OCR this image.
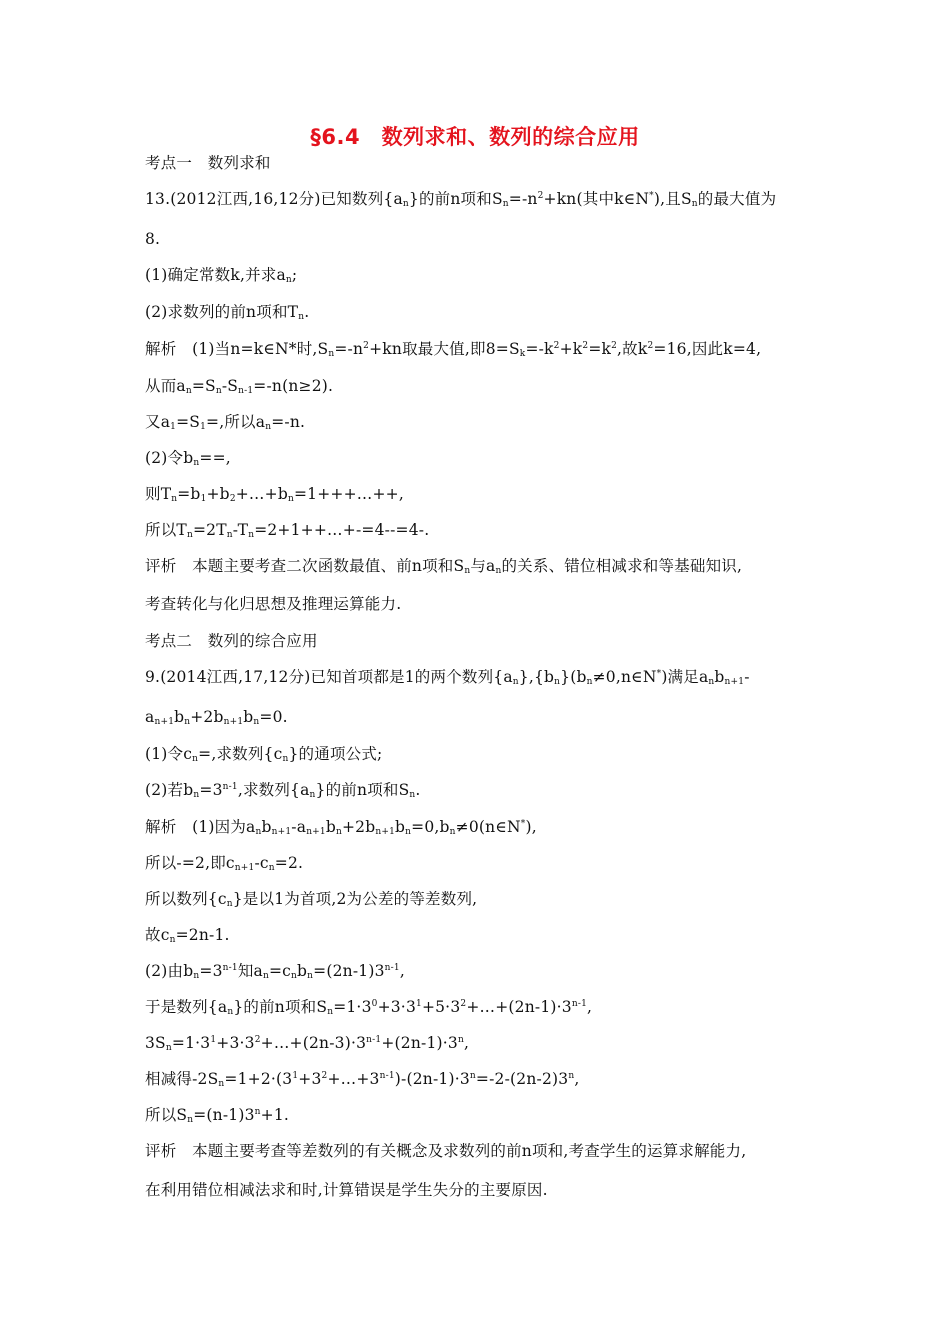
§6.4　数列求和、数列的综合应用
考点一　数列求和
13.(2012江西,16,12分)已知数列$\{a_n\}$的前n项和$S_n=-n^2+kn$(其中k∈N*),且$S_n$的最大值为
8.
(1)确定常数k,并求$a_n$;
(2)求数列的前n项和$T_n$.
解析　(1)当n=k∈N*时$,S_n=-n^2+kn$取最大值,即$8=S_k=-k^2+k^2=k^2$,故$k^2=16$,因此k=4,
从而$a_n=S_n-S_{n-1}=-n(n\ge 2)$.
又$a_1=S_1=$,所以$a_n=-n$.
(2)令$b_n==$,
则$T_n=b_1+b_2+\dots+b_n=1+++\dots++$,
所以$T_n=2T_n-T_n=2+1++\dots+-=4--=4-$.
评析　本题主要考查二次函数最值、前n项和$S_n$与$a_n$的关系、错位相减求和等基础知识,
考查转化与化归思想及推理运算能力.
考点二　数列的综合应用
9.(2014江西,17,12分)已知首项都是1的两个数列$\{a_n\},\{b_n\}(b_n\ne 0,n\in N^*)$满足$a_nb_{n+1}-$
$a_{n+1}b_n+2b_{n+1}b_n=0$.
(1)令$c_n=$,求数列$\{c_n\}$的通项公式;
(2)若$b_n=3^{n-1}$,求数列$\{a_n\}$的前n项和$S_n$.
解析　(1)因为$a_nb_{n+1}-a_{n+1}b_n+2b_{n+1}b_n=0,b_n\ne 0(n\in N^*)$,
所以-=2,即$c_{n+1}-c_n=2$.
所以数列$\{c_n\}$是以1为首项,2为公差的等差数列,
故$c_n=2n-1$.
(2)由$b_n=3^{n-1}$知$a_n=c_nb_n=(2n-1)3^{n-1}$,
于是数列$\{a_n\}$的前n项和$S_n=1\cdot 3^0+3\cdot 3^1+5\cdot 3^2+\dots+(2n-1)\cdot 3^{n-1}$,
$3S_n=1\cdot 3^1+3\cdot 3^2+\dots+(2n-3)\cdot 3^{n-1}+(2n-1)\cdot 3^n$,
相减得$-2S_n=1+2\cdot(3^1+3^2+\dots+3^{n-1})-(2n-1)\cdot 3^n=-2-(2n-2)3^n$,
所以$S_n=(n-1)3^n+1$.
评析　本题主要考查等差数列的有关概念及求数列的前n项和,考查学生的运算求解能力,
在利用错位相减法求和时,计算错误是学生失分的主要原因.
